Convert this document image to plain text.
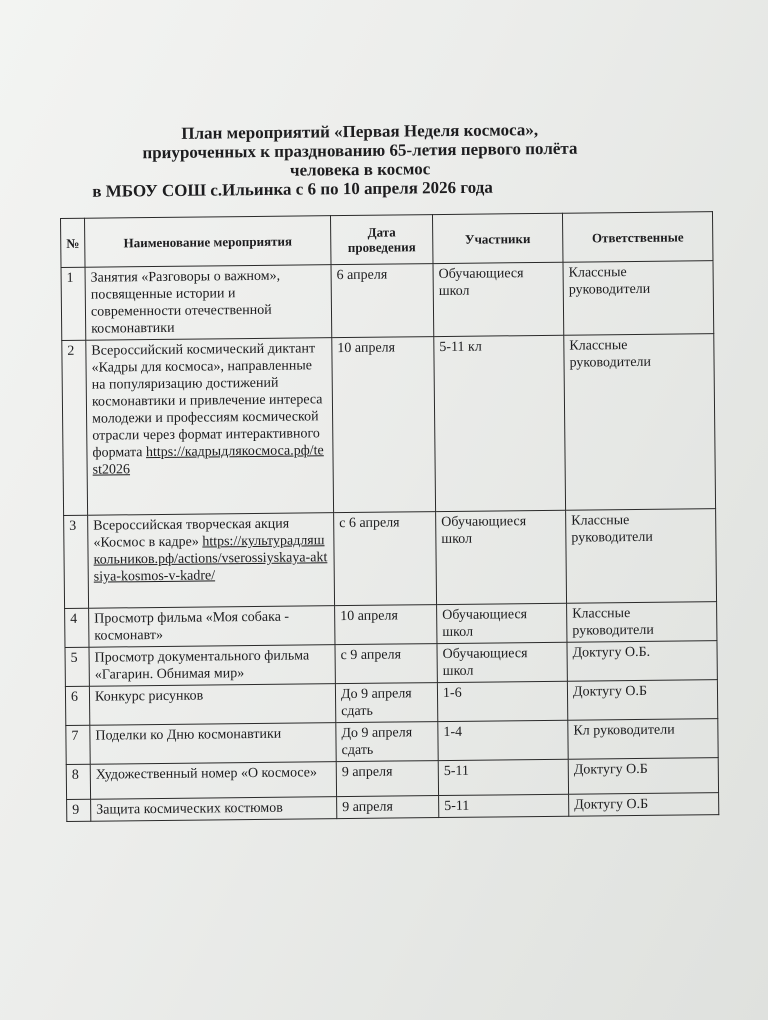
План мероприятий «Первая Неделя космоса»,
приуроченных к празднованию 65-летия первого полёта
человека в космос
в МБОУ СОШ с.Ильинка с 6 по 10 апреля 2026 года
№	Наименование мероприятия	Дата проведения	Участники	Ответственные
1	Занятия «Разговоры о важном», посвященные истории и современности отечественной космонавтики	6 апреля	Обучающиеся школ	Классные руководители
2	Всероссийский космический диктант «Кадры для космоса», направленные на популяризацию достижений космонавтики и привлечение интереса молодежи и профессиям космической отрасли через формат интерактивного формата https://кадрыдлякосмоса.рф/test2026	10 апреля	5-11 кл	Классные руководители
3	Всероссийская творческая акция «Космос в кадре» https://культурадляшкольников.рф/actions/vserossiyskaya-aktsiya-kosmos-v-kadre/	с 6 апреля	Обучающиеся школ	Классные руководители
4	Просмотр фильма «Моя собака - космонавт»	10 апреля	Обучающиеся школ	Классные руководители
5	Просмотр документального фильма «Гагарин. Обнимая мир»	с 9 апреля	Обучающиеся школ	Доктугу О.Б.
6	Конкурс рисунков	До 9 апреля сдать	1-6	Доктугу О.Б
7	Поделки ко Дню космонавтики	До 9 апреля сдать	1-4	Кл руководители
8	Художественный номер «О космосе»	9 апреля	5-11	Доктугу О.Б
9	Защита космических костюмов	9 апреля	5-11	Доктугу О.Б
